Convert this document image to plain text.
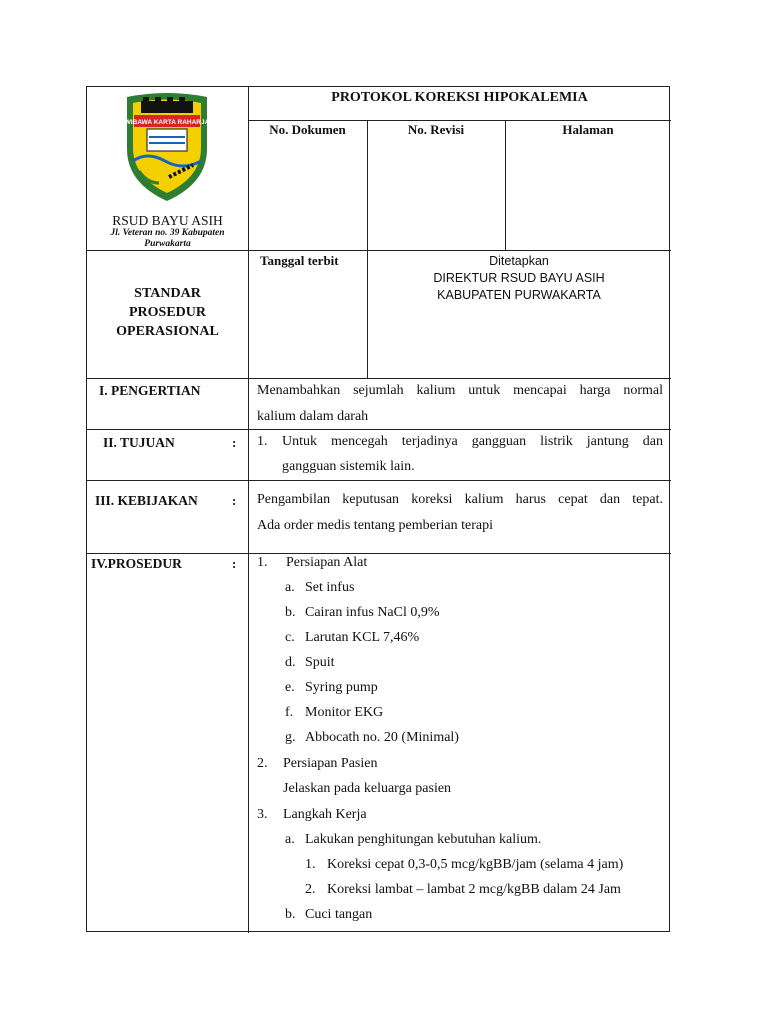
WIBAWA KARTA RAHARJA
RSUD BAYU ASIH
Jl. Veteran no. 39 Kabupaten
Purwakarta
PROTOKOL KOREKSI HIPOKALEMIA
No. Dokumen	No. Revisi	Halaman
Tanggal terbit	Ditetapkan
DIREKTUR RSUD BAYU ASIH
KABUPATEN PURWAKARTA
STANDAR
PROSEDUR
OPERASIONAL
I. PENGERTIAN	Menambahkan sejumlah kalium untuk mencapai harga normal
kalium dalam darah
II. TUJUAN	: 1. Untuk mencegah terjadinya gangguan listrik jantung dan
gangguan sistemik lain.
III. KEBIJAKAN	: Pengambilan keputusan koreksi kalium harus cepat dan tepat.
Ada order medis tentang pemberian terapi
IV.PROSEDUR	: 1. Persiapan Alat
a. Set infus
b. Cairan infus NaCl 0,9%
c. Larutan KCL 7,46%
d. Spuit
e. Syring pump
f. Monitor EKG
g. Abbocath no. 20 (Minimal)
2. Persiapan Pasien
Jelaskan pada keluarga pasien
3. Langkah Kerja
a. Lakukan penghitungan kebutuhan kalium.
1. Koreksi cepat 0,3-0,5 mcg/kgBB/jam (selama 4 jam)
2. Koreksi lambat – lambat 2 mcg/kgBB dalam 24 Jam
b. Cuci tangan
